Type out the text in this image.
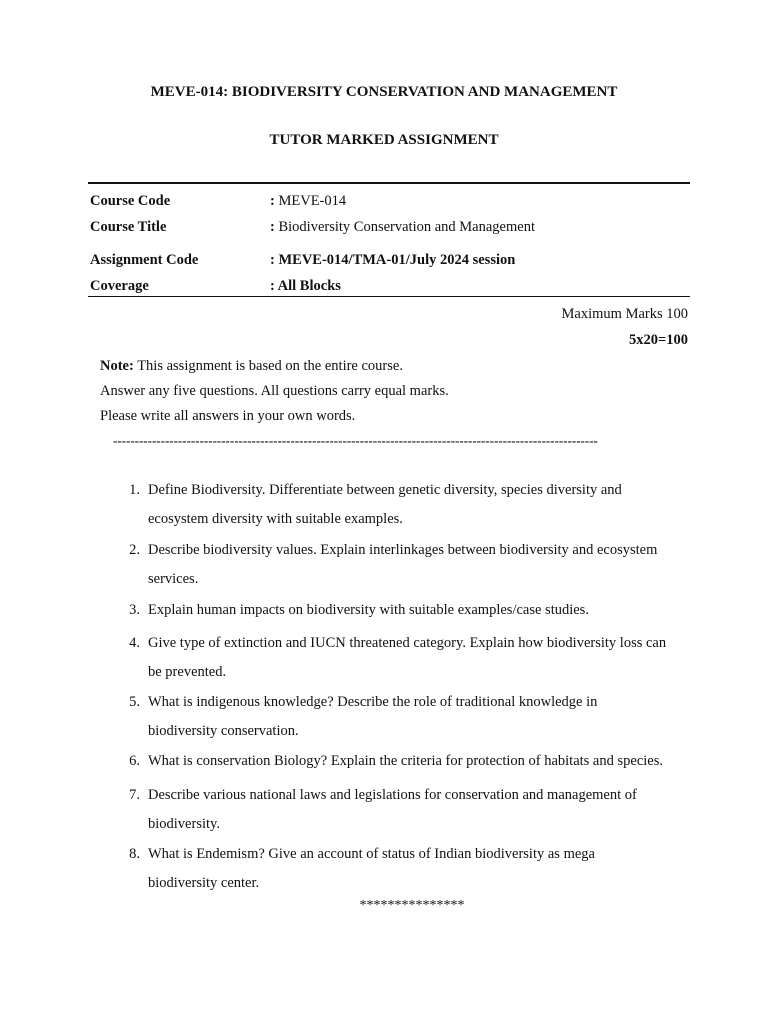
MEVE-014: BIODIVERSITY CONSERVATION AND MANAGEMENT
TUTOR MARKED ASSIGNMENT
Course Code	: MEVE-014
Course Title	: Biodiversity Conservation and Management
Assignment Code	: MEVE-014/TMA-01/July 2024 session
Coverage	: All Blocks
Maximum Marks 100
5x20=100
Note: This assignment is based on the entire course.
Answer any five questions. All questions carry equal marks.
Please write all answers in your own words.
----------------------------------------------------------------------------------------------------------------
1. Define Biodiversity. Differentiate between genetic diversity, species diversity and
ecosystem diversity with suitable examples.
2. Describe biodiversity values. Explain interlinkages between biodiversity and ecosystem
services.
3. Explain human impacts on biodiversity with suitable examples/case studies.
4. Give type of extinction and IUCN threatened category. Explain how biodiversity loss can
be prevented.
5. What is indigenous knowledge? Describe the role of traditional knowledge in
biodiversity conservation.
6. What is conservation Biology? Explain the criteria for protection of habitats and species.
7. Describe various national laws and legislations for conservation and management of
biodiversity.
8. What is Endemism? Give an account of status of Indian biodiversity as mega
biodiversity center.
***************
